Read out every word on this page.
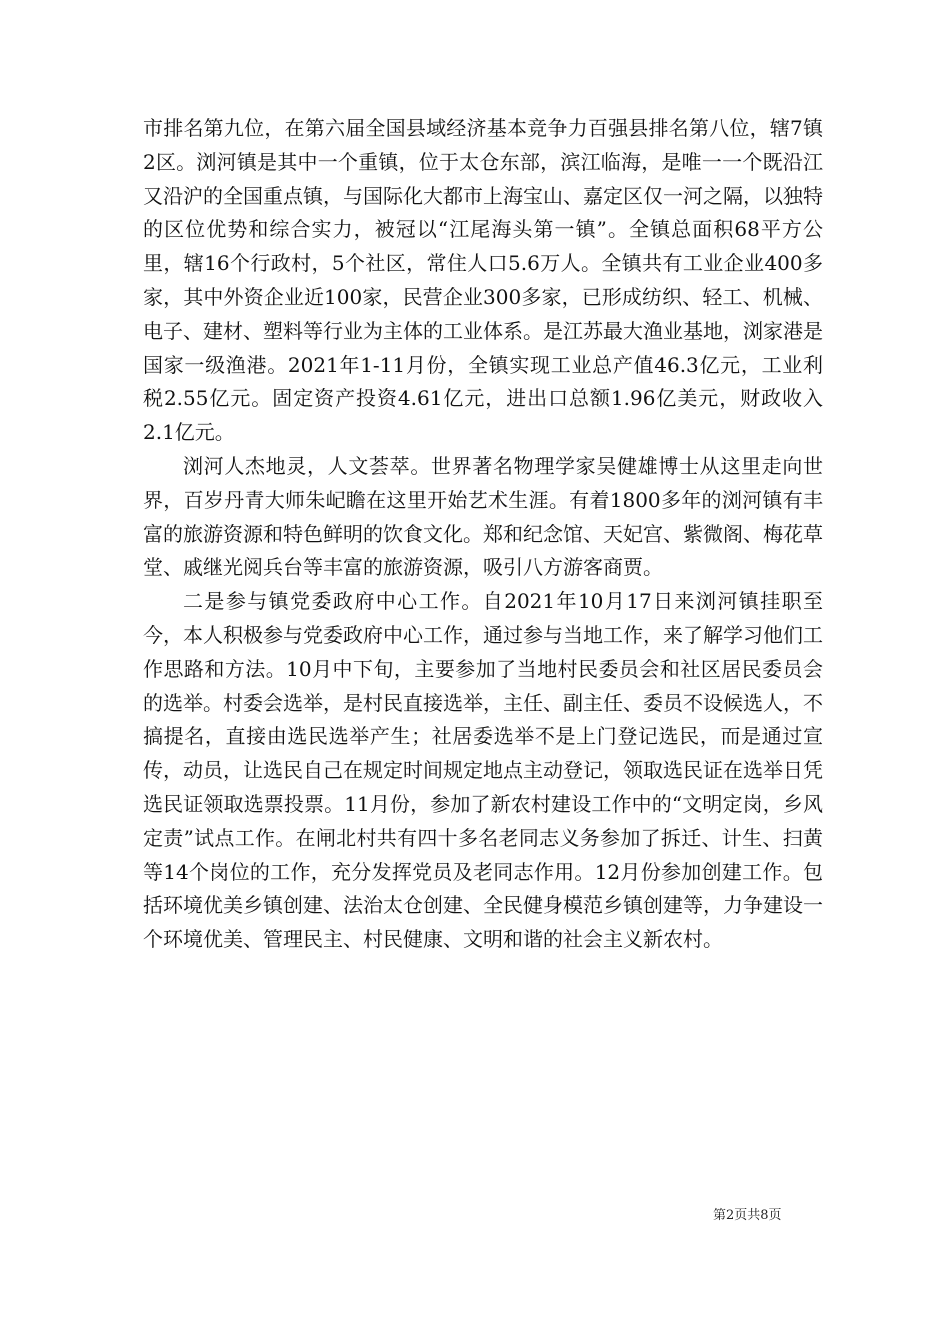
市排名第九位，在第六届全国县域经济基本竞争力百强县排名第八位，辖7镇2区。浏河镇是其中一个重镇，位于太仓东部，滨江临海，是唯一一个既沿江又沿沪的全国重点镇，与国际化大都市上海宝山、嘉定区仅一河之隔，以独特的区位优势和综合实力，被冠以“江尾海头第一镇”。全镇总面积68平方公里，辖16个行政村，5个社区，常住人口5.6万人。全镇共有工业企业400多家，其中外资企业近100家，民营企业300多家，已形成纺织、轻工、机械、电子、建材、塑料等行业为主体的工业体系。是江苏最大渔业基地，浏家港是国家一级渔港。2021年1-11月份，全镇实现工业总产值46.3亿元，工业利税2.55亿元。固定资产投资4.61亿元，进出口总额1.96亿美元，财政收入2.1亿元。

浏河人杰地灵，人文荟萃。世界著名物理学家吴健雄博士从这里走向世界，百岁丹青大师朱屺瞻在这里开始艺术生涯。有着1800多年的浏河镇有丰富的旅游资源和特色鲜明的饮食文化。郑和纪念馆、天妃宫、紫微阁、梅花草堂、戚继光阅兵台等丰富的旅游资源，吸引八方游客商贾。

二是参与镇党委政府中心工作。自2021年10月17日来浏河镇挂职至今，本人积极参与党委政府中心工作，通过参与当地工作，来了解学习他们工作思路和方法。10月中下旬，主要参加了当地村民委员会和社区居民委员会的选举。村委会选举，是村民直接选举，主任、副主任、委员不设候选人，不搞提名，直接由选民选举产生；社居委选举不是上门登记选民，而是通过宣传，动员，让选民自己在规定时间规定地点主动登记，领取选民证在选举日凭选民证领取选票投票。11月份，参加了新农村建设工作中的“文明定岗，乡风定责”试点工作。在闸北村共有四十多名老同志义务参加了拆迁、计生、扫黄等14个岗位的工作，充分发挥党员及老同志作用。12月份参加创建工作。包括环境优美乡镇创建、法治太仓创建、全民健身模范乡镇创建等，力争建设一个环境优美、管理民主、村民健康、文明和谐的社会主义新农村。

第2页共8页
